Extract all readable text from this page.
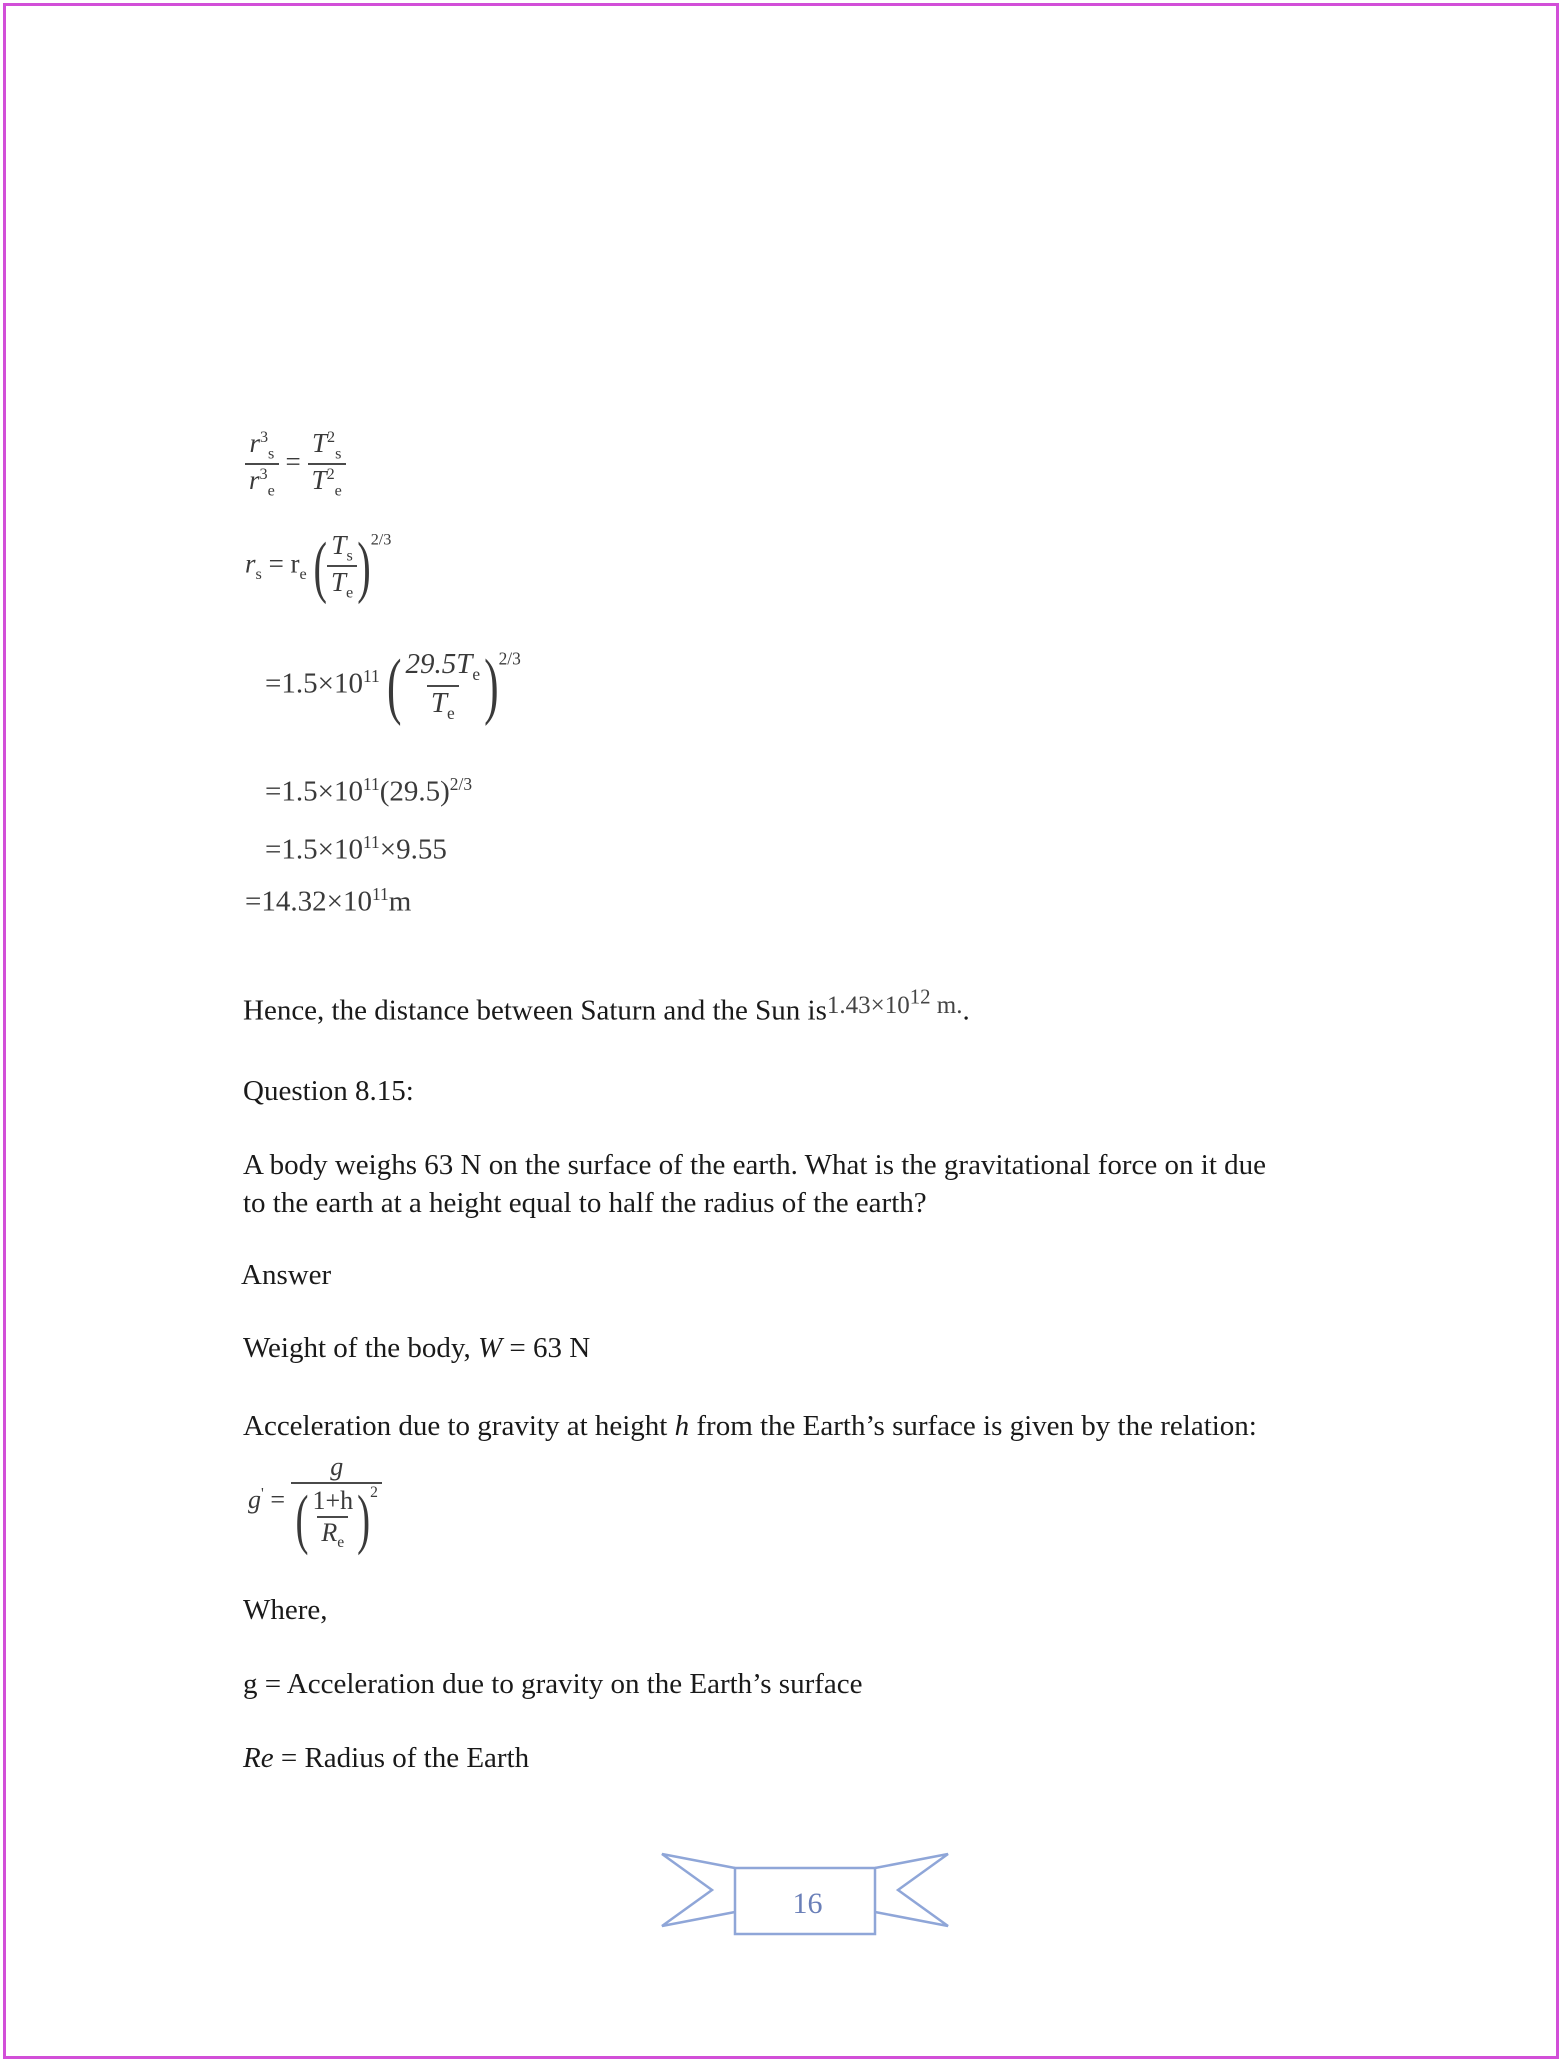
$\frac{r^3_s}{r^3_e} = \frac{T^2_s}{T^2_e}$
$r_s = r_e$ ( $\frac{T_s}{T_e} )^{2/3}$
$=1.5\times 10^{11}$ ( $\frac{29.5T_e}{T_e} )^{2/3}$
$=1.5\times 10^{11}(29.5)^{2/3}$
$=1.5\times 10^{11}\times 9.55$
$=14.32\times 10^{11}m$
Hence, the distance between Saturn and the Sun $is1.43\times 10^{12}$ m..
Question 8.15:
A body weighs 63 N on the surface of the earth. What is the gravitational force on it due
to the earth at a height equal to half the radius of the earth?
Answer
Weight of the body, W = 63 N
Acceleration due to gravity at height h from the Earth’s surface is given by the relation:
$g' = \frac{g}{( \frac{1+h}{R_e} )^2}$
Where,
g = Acceleration due to gravity on the Earth’s surface
Re = Radius of the Earth
16
